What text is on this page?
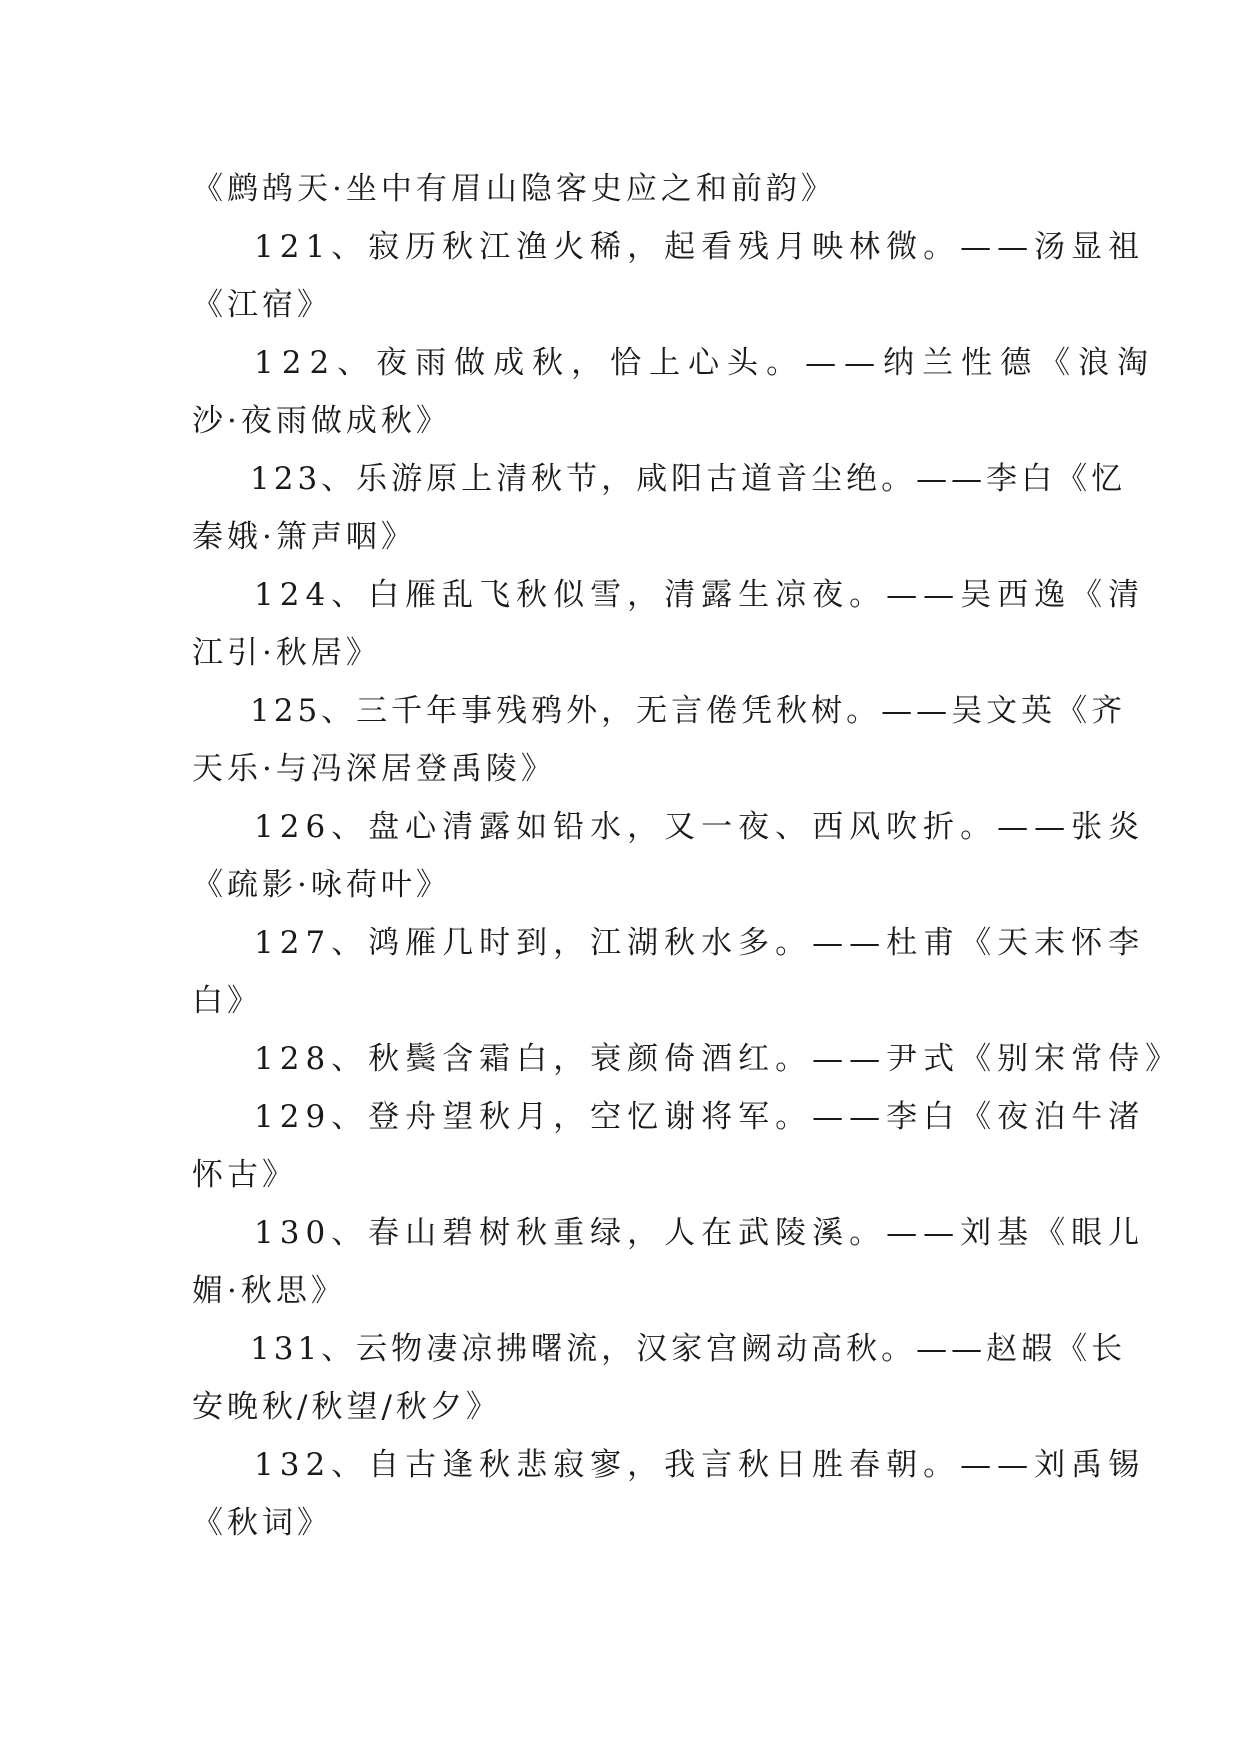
《鹧鸪天·坐中有眉山隐客史应之和前韵》
121、寂历秋江渔火稀，起看残月映林微。——汤显祖
《江宿》
122、夜雨做成秋，恰上心头。——纳兰性德《浪淘
沙·夜雨做成秋》
123、乐游原上清秋节，咸阳古道音尘绝。——李白《忆
秦娥·箫声咽》
124、白雁乱飞秋似雪，清露生凉夜。——吴西逸《清
江引·秋居》
125、三千年事残鸦外，无言倦凭秋树。——吴文英《齐
天乐·与冯深居登禹陵》
126、盘心清露如铅水，又一夜、西风吹折。——张炎
《疏影·咏荷叶》
127、鸿雁几时到，江湖秋水多。——杜甫《天末怀李
白》
128、秋鬓含霜白，衰颜倚酒红。——尹式《别宋常侍》
129、登舟望秋月，空忆谢将军。——李白《夜泊牛渚
怀古》
130、春山碧树秋重绿，人在武陵溪。——刘基《眼儿
媚·秋思》
131、云物凄凉拂曙流，汉家宫阙动高秋。——赵嘏《长
安晚秋/秋望/秋夕》
132、自古逢秋悲寂寥，我言秋日胜春朝。——刘禹锡
《秋词》
